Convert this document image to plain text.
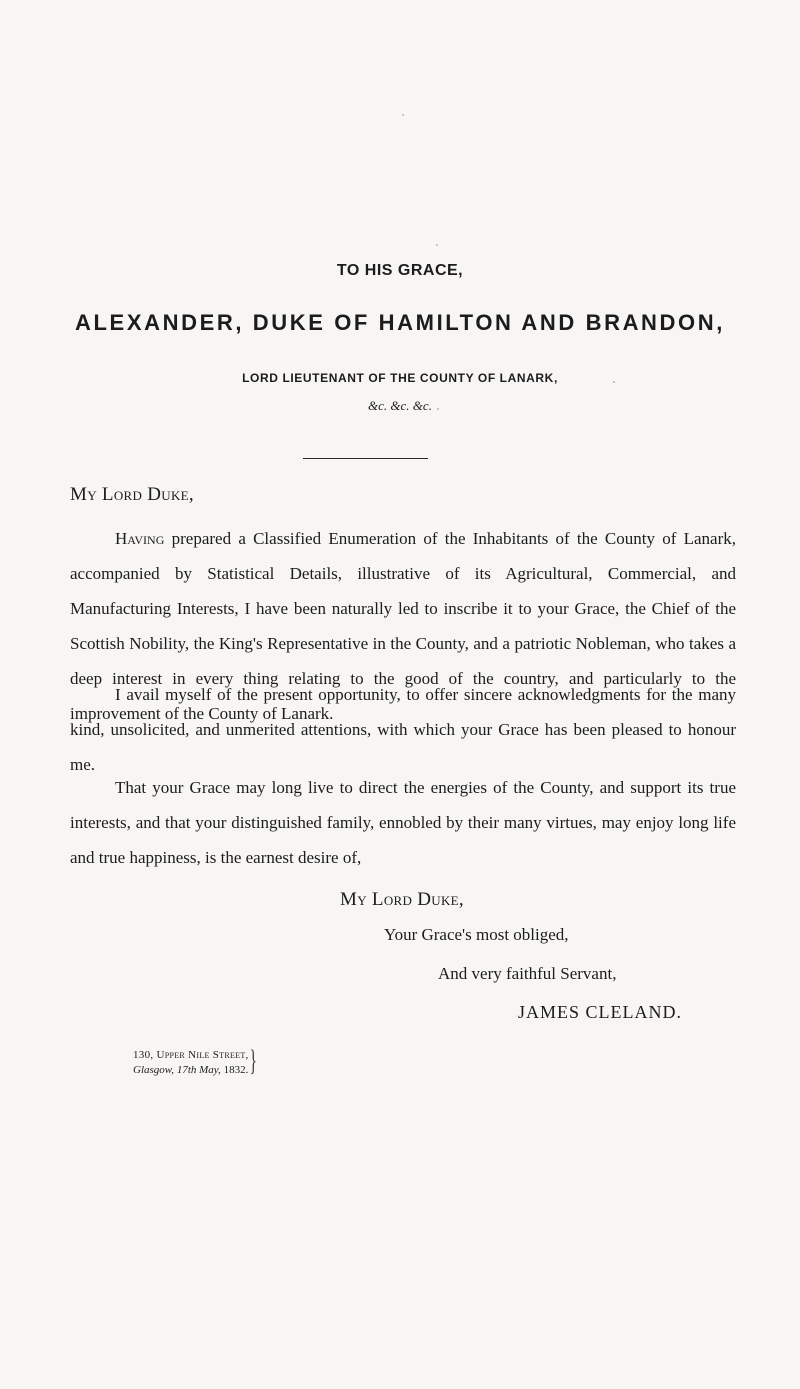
TO HIS GRACE,
ALEXANDER, DUKE OF HAMILTON AND BRANDON,
LORD LIEUTENANT OF THE COUNTY OF LANARK,
&c. &c. &c.
My Lord Duke,

Having prepared a Classified Enumeration of the Inhabitants of the County of Lanark, accompanied by Statistical Details, illustrative of its Agricultural, Commercial, and Manufacturing Interests, I have been naturally led to inscribe it to your Grace, the Chief of the Scottish Nobility, the King's Representative in the County, and a patriotic Nobleman, who takes a deep interest in every thing relating to the good of the country, and particularly to the improvement of the County of Lanark.

I avail myself of the present opportunity, to offer sincere acknowledgments for the many kind, unsolicited, and unmerited attentions, with which your Grace has been pleased to honour me.

That your Grace may long live to direct the energies of the County, and support its true interests, and that your distinguished family, ennobled by their many virtues, may enjoy long life and true happiness, is the earnest desire of,

My Lord Duke,
Your Grace's most obliged,
And very faithful Servant,
JAMES CLELAND.
130, Upper Nile Street,
Glasgow, 17th May, 1832. }
